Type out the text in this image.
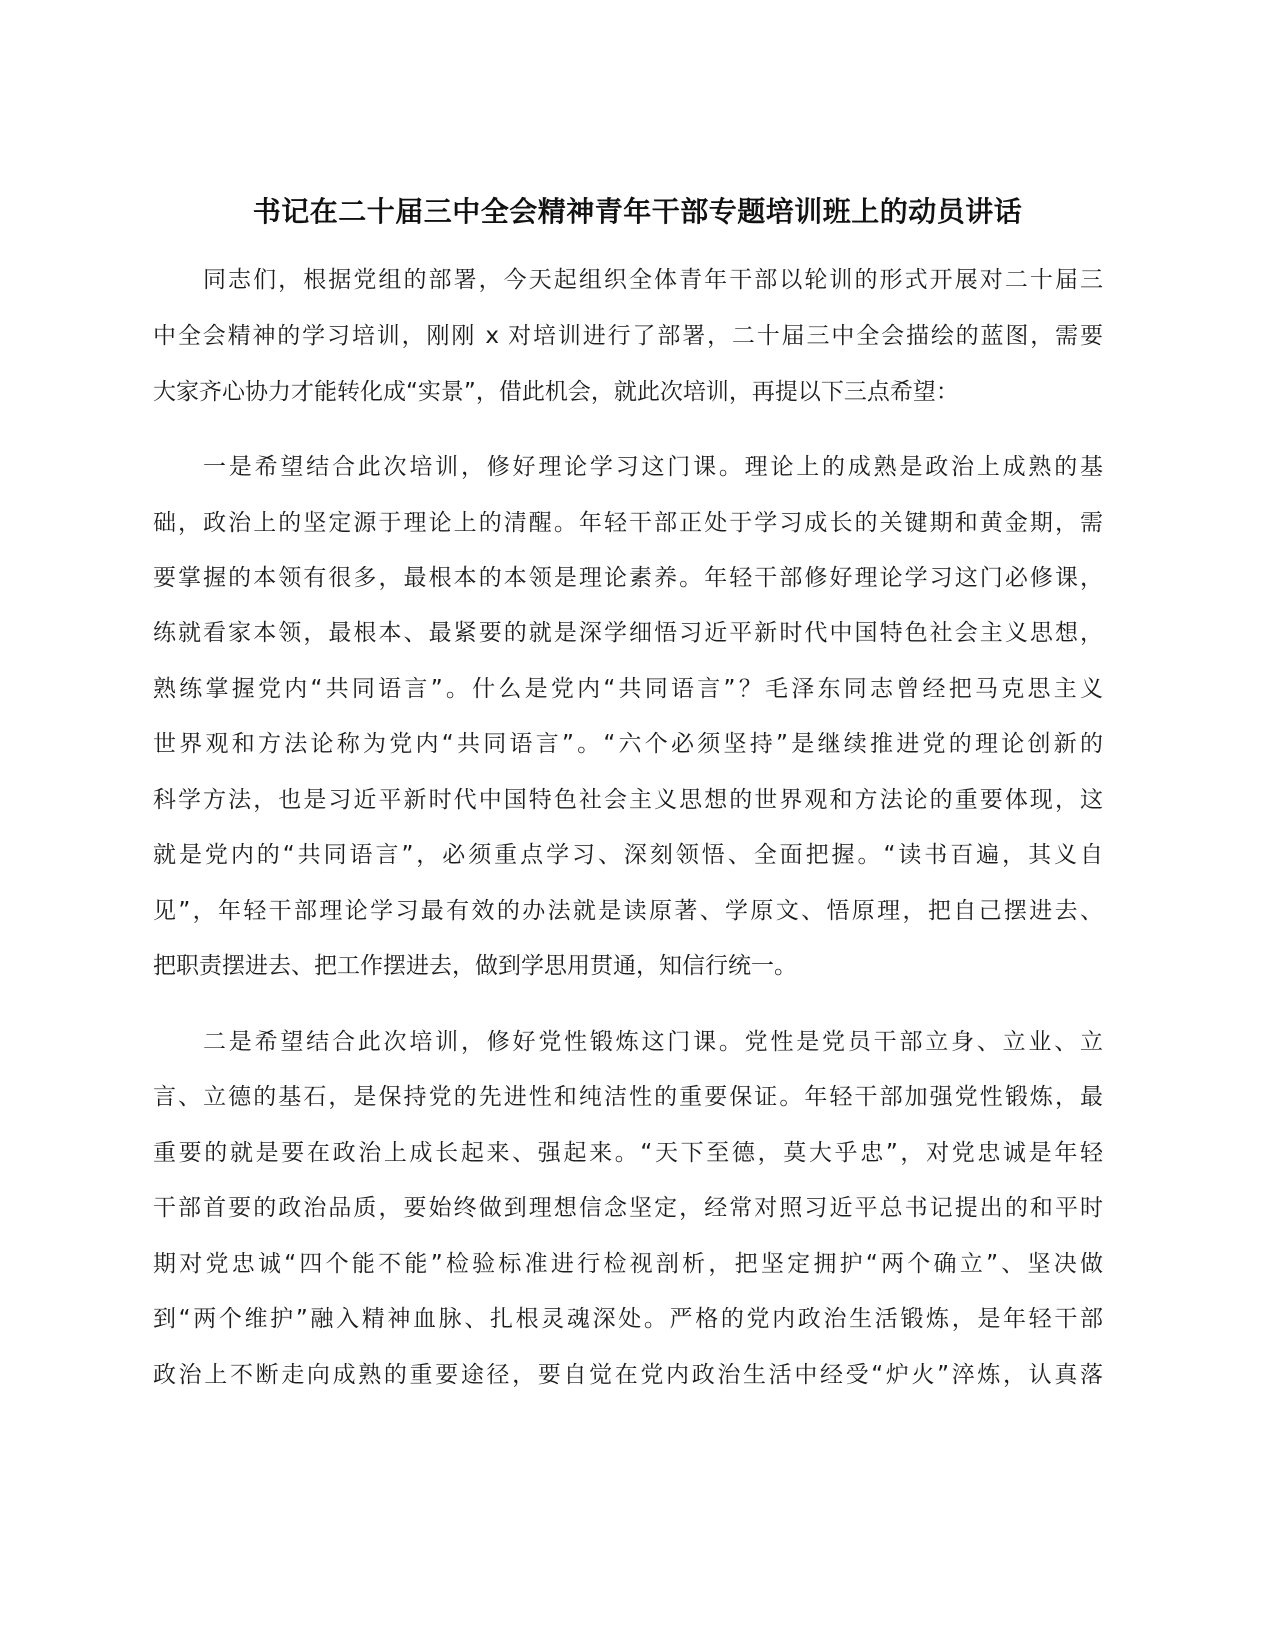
书记在二十届三中全会精神青年干部专题培训班上的动员讲话
同志们，根据党组的部署，今天起组织全体青年干部以轮训的形式开展对二十届三
中全会精神的学习培训，刚刚 x 对培训进行了部署，二十届三中全会描绘的蓝图，需要
大家齐心协力才能转化成“实景”，借此机会，就此次培训，再提以下三点希望：
一是希望结合此次培训，修好理论学习这门课。理论上的成熟是政治上成熟的基
础，政治上的坚定源于理论上的清醒。年轻干部正处于学习成长的关键期和黄金期，需
要掌握的本领有很多，最根本的本领是理论素养。年轻干部修好理论学习这门必修课，
练就看家本领，最根本、最紧要的就是深学细悟习近平新时代中国特色社会主义思想，
熟练掌握党内“共同语言”。什么是党内“共同语言”？毛泽东同志曾经把马克思主义
世界观和方法论称为党内“共同语言”。“六个必须坚持”是继续推进党的理论创新的
科学方法，也是习近平新时代中国特色社会主义思想的世界观和方法论的重要体现，这
就是党内的“共同语言”，必须重点学习、深刻领悟、全面把握。“读书百遍，其义自
见”，年轻干部理论学习最有效的办法就是读原著、学原文、悟原理，把自己摆进去、
把职责摆进去、把工作摆进去，做到学思用贯通，知信行统一。
二是希望结合此次培训，修好党性锻炼这门课。党性是党员干部立身、立业、立
言、立德的基石，是保持党的先进性和纯洁性的重要保证。年轻干部加强党性锻炼，最
重要的就是要在政治上成长起来、强起来。“天下至德，莫大乎忠”，对党忠诚是年轻
干部首要的政治品质，要始终做到理想信念坚定，经常对照习近平总书记提出的和平时
期对党忠诚“四个能不能”检验标准进行检视剖析，把坚定拥护“两个确立”、坚决做
到“两个维护”融入精神血脉、扎根灵魂深处。严格的党内政治生活锻炼，是年轻干部
政治上不断走向成熟的重要途径，要自觉在党内政治生活中经受“炉火”淬炼，认真落
